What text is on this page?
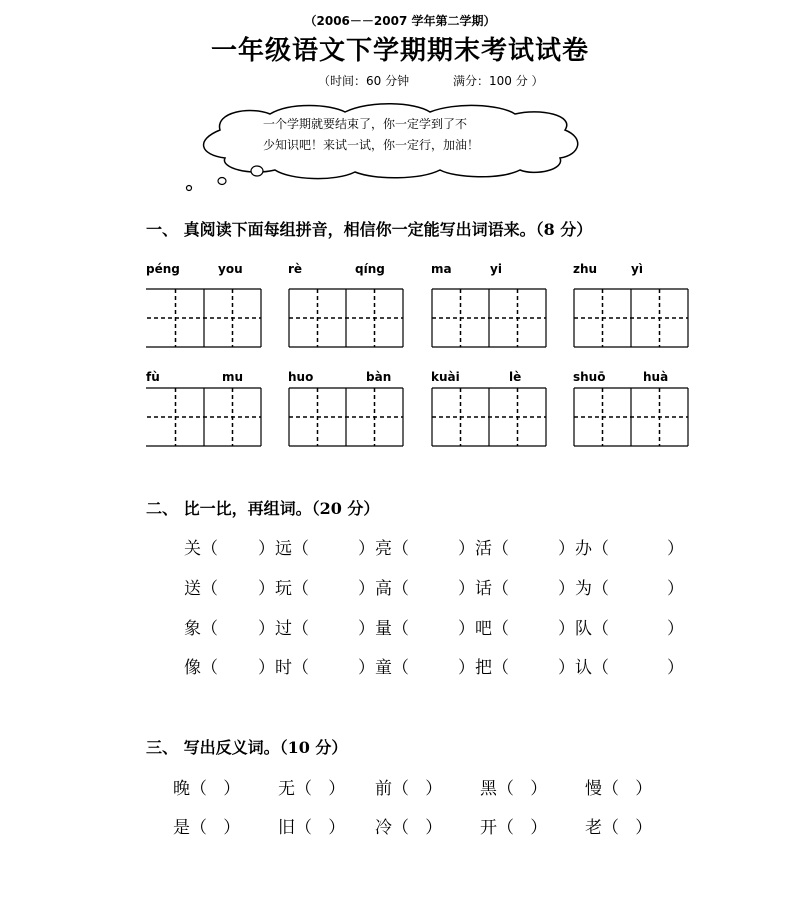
（2006－－2007 学年第二学期）
一年级语文下学期期末考试试卷
（时间：60 分钟	满分：100 分 ）
一个学期就要结束了，你一定学到了不
少知识吧！来试一试，你一定行，加油！
一、 真阅读下面每组拼音，相信你一定能写出词语来。（8 分）
péng	you	rè	qíng	ma	yi	zhu	yì
fù	mu	huo	bàn	kuài	lè	shuō	huà
二、 比一比，再组词。（20 分）
关（ ）远（	）亮（	）活（	）办（	）
送（ ）玩（	）高（	）话（	）为（	）
象（ ）过（	）量（	）吧（	）队（	）
像（ ）时（	）童（	）把（	）认（	）
三、 写出反义词。（10 分）
晚（   ） 无（   ） 前（   ） 黑（   ） 慢（   ）
是（   ） 旧（   ） 冷（   ） 开（   ） 老（   ）
